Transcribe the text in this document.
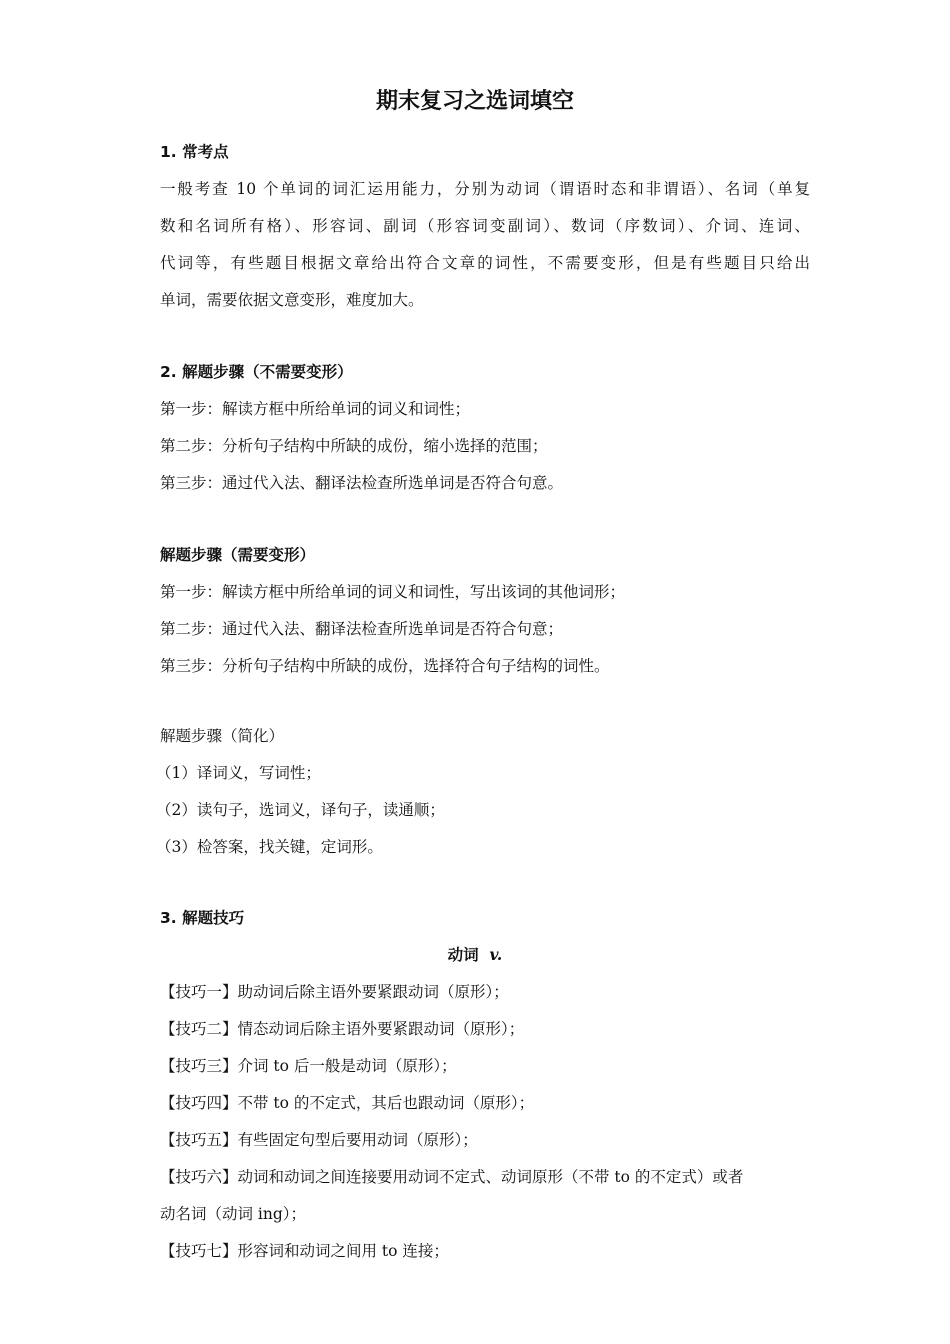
期末复习之选词填空
1. 常考点
一般考查 10 个单词的词汇运用能力，分别为动词（谓语时态和非谓语）、名词（单复
数和名词所有格）、形容词、副词（形容词变副词）、数词（序数词）、介词、连词、
代词等，有些题目根据文章给出符合文章的词性，不需要变形，但是有些题目只给出
单词，需要依据文意变形，难度加大。
2. 解题步骤（不需要变形）
第一步：解读方框中所给单词的词义和词性；
第二步：分析句子结构中所缺的成份，缩小选择的范围；
第三步：通过代入法、翻译法检查所选单词是否符合句意。
解题步骤（需要变形）
第一步：解读方框中所给单词的词义和词性，写出该词的其他词形；
第二步：通过代入法、翻译法检查所选单词是否符合句意；
第三步：分析句子结构中所缺的成份，选择符合句子结构的词性。
解题步骤（简化）
（1）译词义，写词性；
（2）读句子，选词义，译句子，读通顺；
（3）检答案，找关键，定词形。
3. 解题技巧
动词 v.
【技巧一】助动词后除主语外要紧跟动词（原形）；
【技巧二】情态动词后除主语外要紧跟动词（原形）；
【技巧三】介词 to 后一般是动词（原形）；
【技巧四】不带 to 的不定式，其后也跟动词（原形）；
【技巧五】有些固定句型后要用动词（原形）；
【技巧六】动词和动词之间连接要用动词不定式、动词原形（不带 to 的不定式）或者
动名词（动词 ing）；
【技巧七】形容词和动词之间用 to 连接；
